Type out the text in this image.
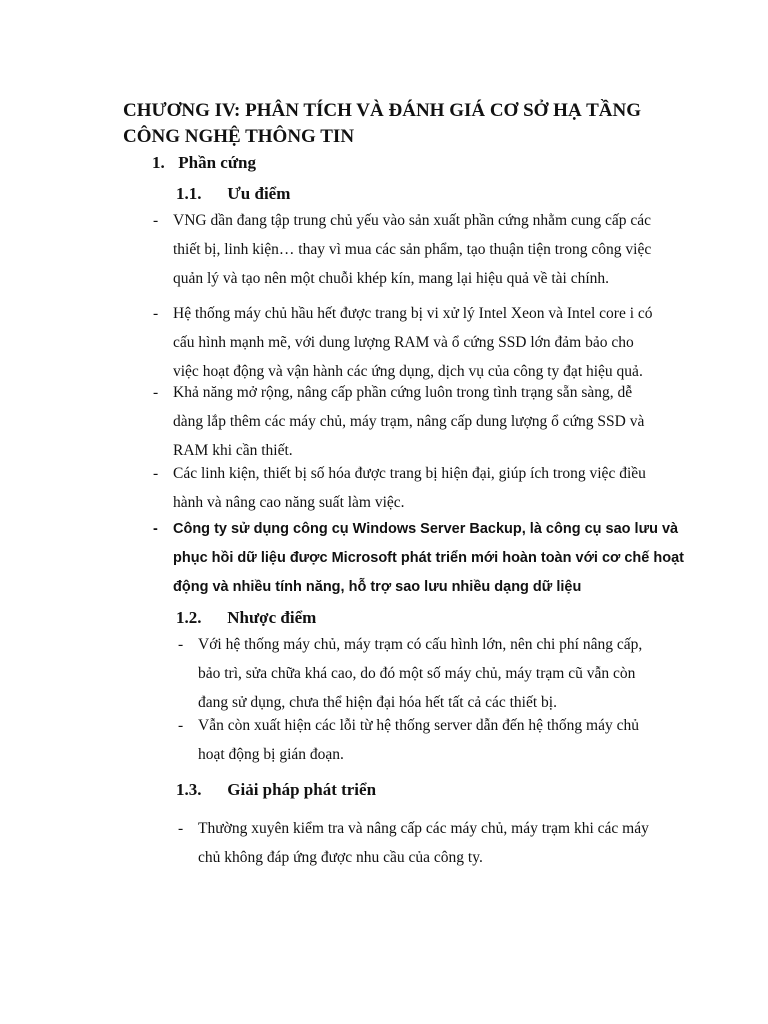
CHƯƠNG IV: PHÂN TÍCH VÀ ĐÁNH GIÁ CƠ SỞ HẠ TẦNG CÔNG NGHỆ THÔNG TIN
1. Phần cứng
1.1. Ưu điểm
- VNG dần đang tập trung chủ yếu vào sản xuất phần cứng nhằm cung cấp các
thiết bị, linh kiện… thay vì mua các sản phẩm, tạo thuận tiện trong công việc
quản lý và tạo nên một chuỗi khép kín, mang lại hiệu quả về tài chính.
- Hệ thống máy chủ hầu hết được trang bị vi xử lý Intel Xeon và Intel core i có
cấu hình mạnh mẽ, với dung lượng RAM và ổ cứng SSD lớn đảm bảo cho
việc hoạt động và vận hành các ứng dụng, dịch vụ của công ty đạt hiệu quả.
- Khả năng mở rộng, nâng cấp phần cứng luôn trong tình trạng sẵn sàng, dễ
dàng lắp thêm các máy chủ, máy trạm, nâng cấp dung lượng ổ cứng SSD và
RAM khi cần thiết.
- Các linh kiện, thiết bị số hóa được trang bị hiện đại, giúp ích trong việc điều
hành và nâng cao năng suất làm việc.
- Công ty sử dụng công cụ Windows Server Backup, là công cụ sao lưu và
phục hồi dữ liệu được Microsoft phát triển mới hoàn toàn với cơ chế hoạt
động và nhiều tính năng, hỗ trợ sao lưu nhiều dạng dữ liệu
1.2. Nhược điểm
- Với hệ thống máy chủ, máy trạm có cấu hình lớn, nên chi phí nâng cấp,
bảo trì, sửa chữa khá cao, do đó một số máy chủ, máy trạm cũ vẫn còn
đang sử dụng, chưa thể hiện đại hóa hết tất cả các thiết bị.
- Vẫn còn xuất hiện các lỗi từ hệ thống server dẫn đến hệ thống máy chủ
hoạt động bị gián đoạn.
1.3. Giải pháp phát triển
- Thường xuyên kiểm tra và nâng cấp các máy chủ, máy trạm khi các máy
chủ không đáp ứng được nhu cầu của công ty.
